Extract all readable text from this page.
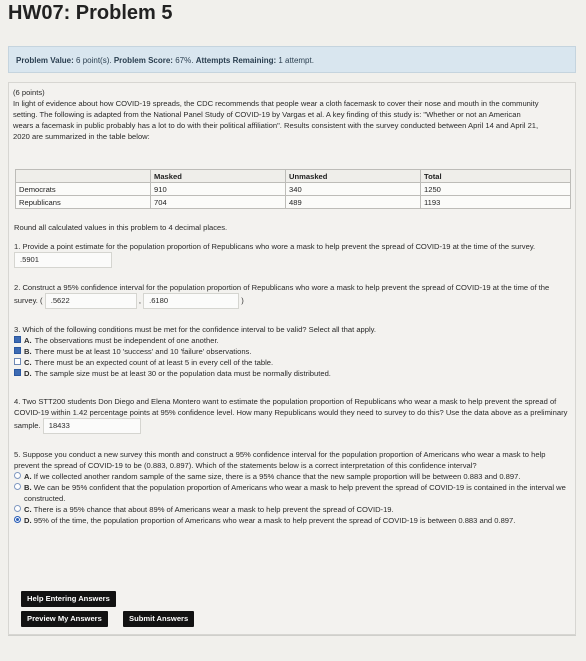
HW07: Problem 5
Problem Value: 6 point(s). Problem Score: 67%. Attempts Remaining: 1 attempt.
(6 points)
In light of evidence about how COVID-19 spreads, the CDC recommends that people wear a cloth facemask to cover their nose and mouth in the community setting. The following is adapted from the National Panel Study of COVID-19 by Vargas et al. A key finding of this study is: "Whether or not an American wears a facemask in public probably has a lot to do with their political affiliation". Results consistent with the survey conducted between April 14 and April 21, 2020 are summarized in the table below:
	Masked	Unmasked	Total
Democrats	910	340	1250
Republicans	704	489	1193
Round all calculated values in this problem to 4 decimal places.
1. Provide a point estimate for the population proportion of Republicans who wore a mask to help prevent the spread of COVID-19 at the time of the survey. .5901
2. Construct a 95% confidence interval for the population proportion of Republicans who wore a mask to help prevent the spread of COVID-19 at the time of the survey. ( .5622	, .6180	)
3. Which of the following conditions must be met for the confidence interval to be valid? Select all that apply.
A. The observations must be independent of one another.
B. There must be at least 10 'success' and 10 'failure' observations.
C. There must be an expected count of at least 5 in every cell of the table.
D. The sample size must be at least 30 or the population data must be normally distributed.
4. Two STT200 students Don Diego and Elena Montero want to estimate the population proportion of Republicans who wear a mask to help prevent the spread of COVID-19 within 1.42 percentage points at 95% confidence level. How many Republicans would they need to survey to do this? Use the data above as a preliminary sample. 18433
5. Suppose you conduct a new survey this month and construct a 95% confidence interval for the population proportion of Americans who wear a mask to help prevent the spread of COVID-19 to be (0.883, 0.897). Which of the statements below is a correct interpretation of this confidence interval?
A. If we collected another random sample of the same size, there is a 95% chance that the new sample proportion will be between 0.883 and 0.897.
B. We can be 95% confident that the population proportion of Americans who wear a mask to help prevent the spread of COVID-19 is contained in the interval we constructed.
C. There is a 95% chance that about 89% of Americans wear a mask to help prevent the spread of COVID-19.
D. 95% of the time, the population proportion of Americans who wear a mask to help prevent the spread of COVID-19 is between 0.883 and 0.897.
Help Entering Answers
Preview My Answers	Submit Answers
